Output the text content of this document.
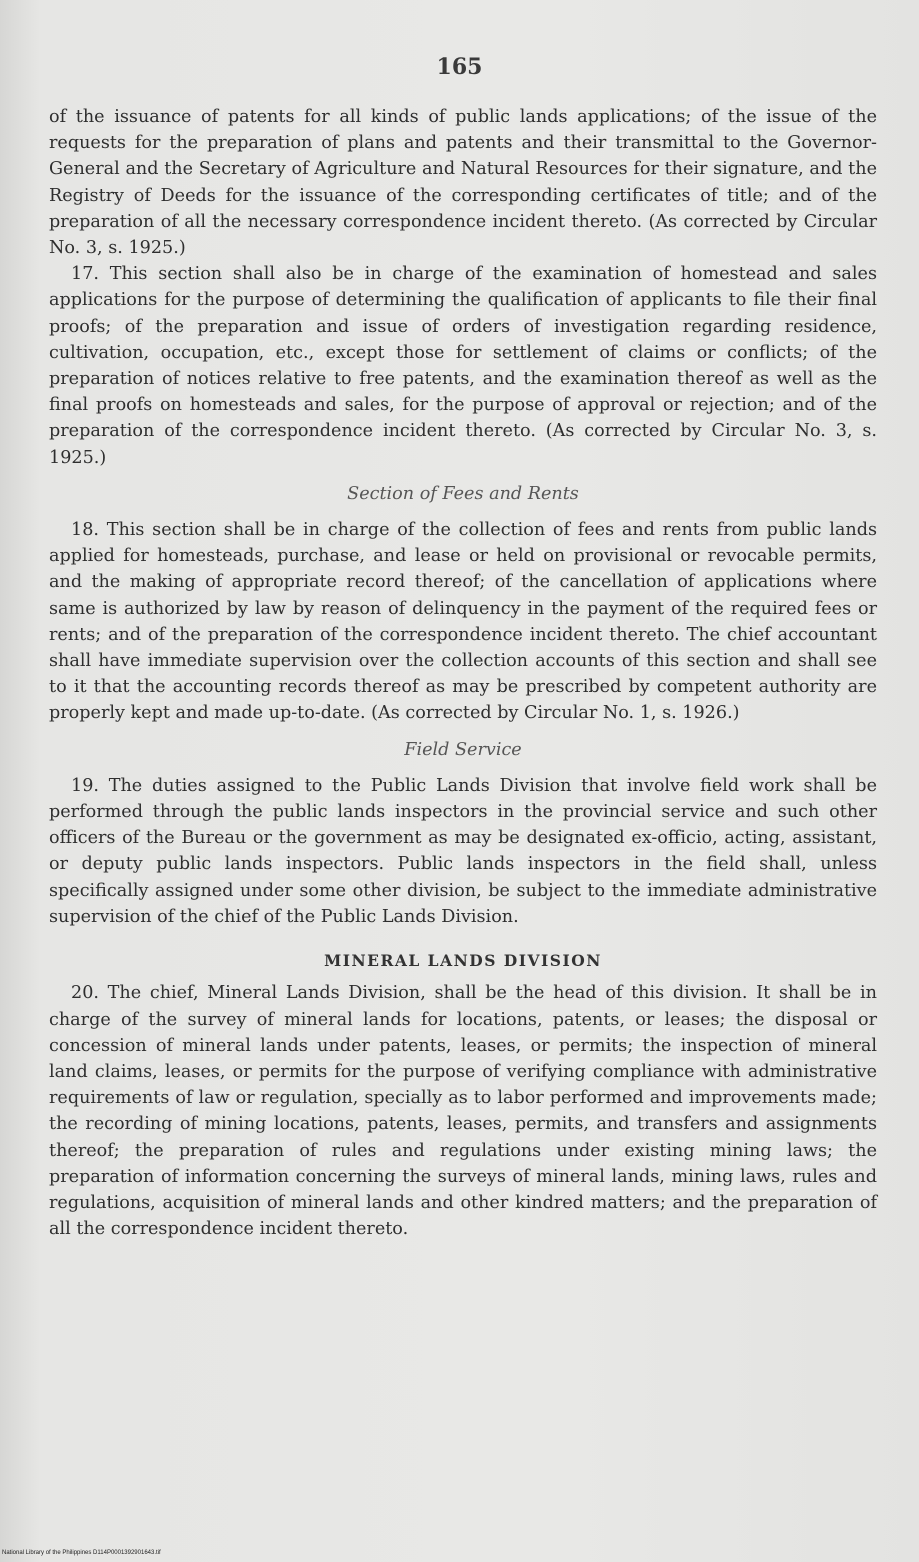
165

of the issuance of patents for all kinds of public lands applications; of the issue of the requests for the preparation of plans and patents and their transmittal to the Governor-General and the Secretary of Agriculture and Natural Resources for their signature, and the Registry of Deeds for the issuance of the corresponding certificates of title; and of the preparation of all the necessary correspondence incident thereto. (As corrected by Circular No. 3, s. 1925.)

17. This section shall also be in charge of the examination of homestead and sales applications for the purpose of determining the qualification of applicants to file their final proofs; of the preparation and issue of orders of investigation regarding residence, cultivation, occupation, etc., except those for settlement of claims or conflicts; of the preparation of notices relative to free patents, and the examination thereof as well as the final proofs on homesteads and sales, for the purpose of approval or rejection; and of the preparation of the correspondence incident thereto. (As corrected by Circular No. 3, s. 1925.)

Section of Fees and Rents

18. This section shall be in charge of the collection of fees and rents from public lands applied for homesteads, purchase, and lease or held on provisional or revocable permits, and the making of appropriate record thereof; of the cancellation of applications where same is authorized by law by reason of delinquency in the payment of the required fees or rents; and of the preparation of the correspondence incident thereto. The chief accountant shall have immediate supervision over the collection accounts of this section and shall see to it that the accounting records thereof as may be prescribed by competent authority are properly kept and made up-to-date. (As corrected by Circular No. 1, s. 1926.)

Field Service

19. The duties assigned to the Public Lands Division that involve field work shall be performed through the public lands inspectors in the provincial service and such other officers of the Bureau or the government as may be designated ex-officio, acting, assistant, or deputy public lands inspectors. Public lands inspectors in the field shall, unless specifically assigned under some other division, be subject to the immediate administrative supervision of the chief of the Public Lands Division.

MINERAL LANDS DIVISION

20. The chief, Mineral Lands Division, shall be the head of this division. It shall be in charge of the survey of mineral lands for locations, patents, or leases; the disposal or concession of mineral lands under patents, leases, or permits; the inspection of mineral land claims, leases, or permits for the purpose of verifying compliance with administrative requirements of law or regulation, specially as to labor performed and improvements made; the recording of mining locations, patents, leases, permits, and transfers and assignments thereof; the preparation of rules and regulations under existing mining laws; the preparation of information concerning the surveys of mineral lands, mining laws, rules and regulations, acquisition of mineral lands and other kindred matters; and the preparation of all the correspondence incident thereto.

National Library of the Philippines D114P0001392901643.tif
